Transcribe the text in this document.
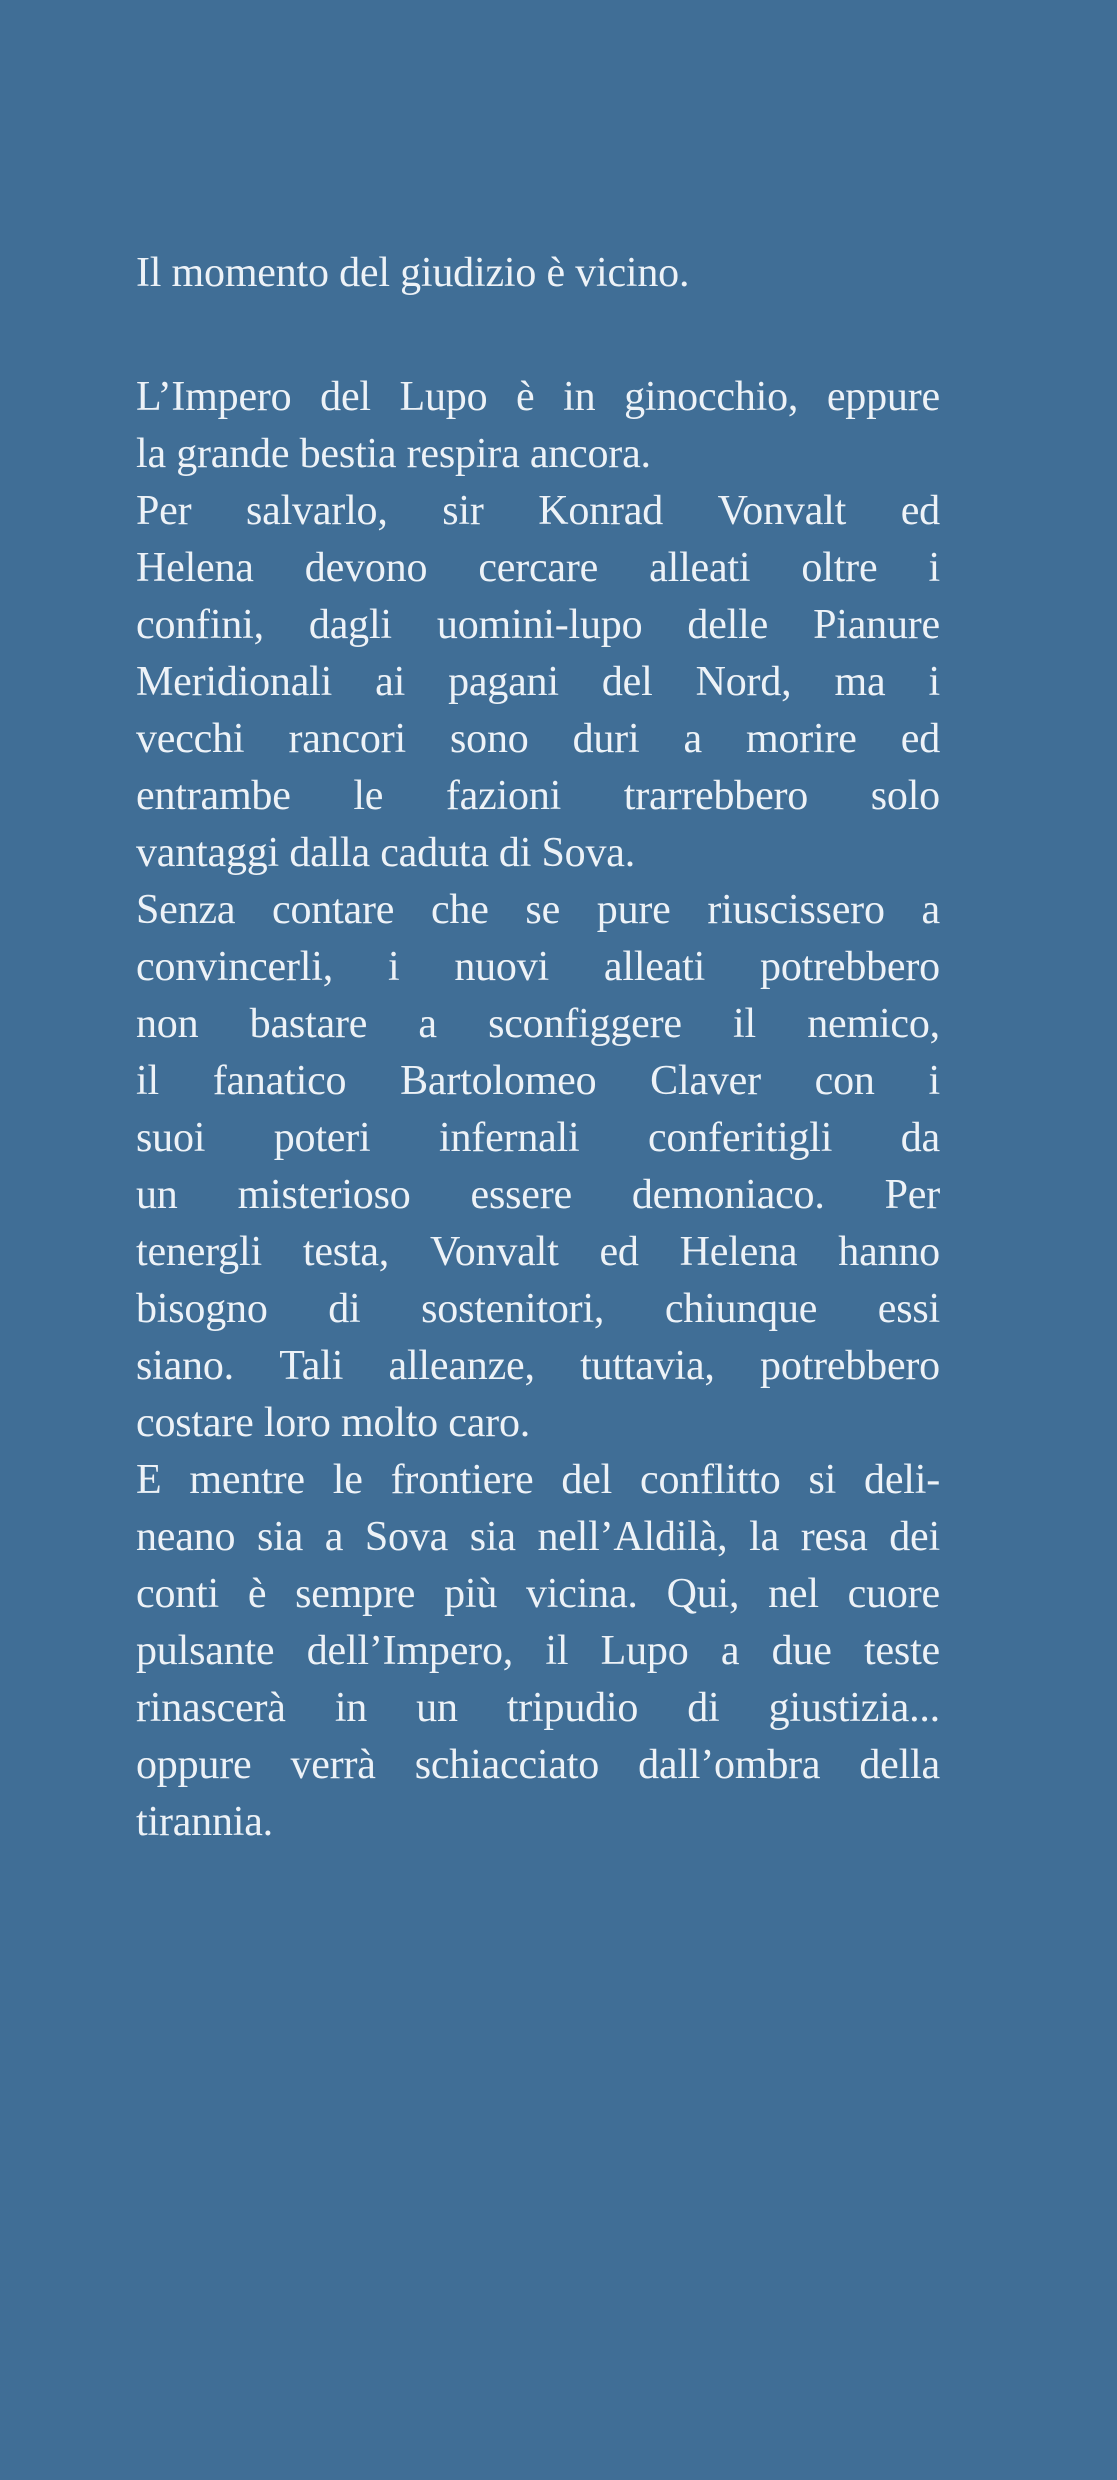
Il momento del giudizio è vicino.

L’Impero del Lupo è in ginocchio, eppure
la grande bestia respira ancora.
Per salvarlo, sir Konrad Vonvalt ed
Helena devono cercare alleati oltre i
confini, dagli uomini-lupo delle Pianure
Meridionali ai pagani del Nord, ma i
vecchi rancori sono duri a morire ed
entrambe le fazioni trarrebbero solo
vantaggi dalla caduta di Sova.
Senza contare che se pure riuscissero a
convincerli, i nuovi alleati potrebbero
non bastare a sconfiggere il nemico,
il fanatico Bartolomeo Claver con i
suoi poteri infernali conferitigli da
un misterioso essere demoniaco. Per
tenergli testa, Vonvalt ed Helena hanno
bisogno di sostenitori, chiunque essi
siano. Tali alleanze, tuttavia, potrebbero
costare loro molto caro.
E mentre le frontiere del conflitto si deli-
neano sia a Sova sia nell’Aldilà, la resa dei
conti è sempre più vicina. Qui, nel cuore
pulsante dell’Impero, il Lupo a due teste
rinascerà in un tripudio di giustizia...
oppure verrà schiacciato dall’ombra della
tirannia.
